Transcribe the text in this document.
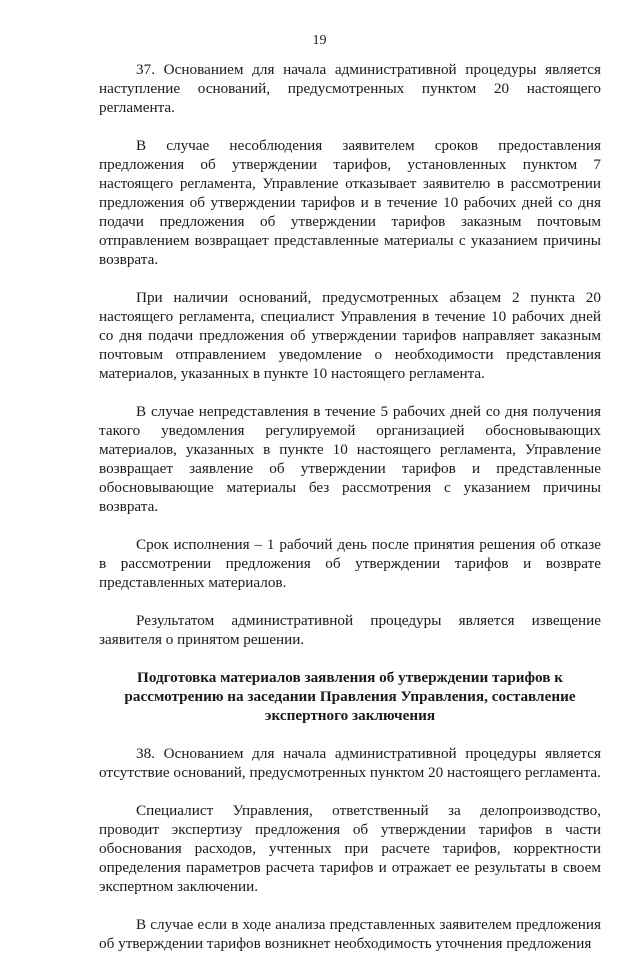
19

37. Основанием для начала административной процедуры является наступление оснований, предусмотренных пунктом 20 настоящего регламента.

В случае несоблюдения заявителем сроков предоставления предложения об утверждении тарифов, установленных пунктом 7 настоящего регламента, Управление отказывает заявителю в рассмотрении предложения об утверждении тарифов и в течение 10 рабочих дней со дня подачи предложения об утверждении тарифов заказным почтовым отправлением возвращает представленные материалы с указанием причины возврата.

При наличии оснований, предусмотренных абзацем 2 пункта 20 настоящего регламента, специалист Управления в течение 10 рабочих дней со дня подачи предложения об утверждении тарифов направляет заказным почтовым отправлением уведомление о необходимости представления материалов, указанных в пункте 10 настоящего регламента.

В случае непредставления в течение 5 рабочих дней со дня получения такого уведомления регулируемой организацией обосновывающих материалов, указанных в пункте 10 настоящего регламента, Управление возвращает заявление об утверждении тарифов и представленные обосновывающие материалы без рассмотрения с указанием причины возврата.

Срок исполнения – 1 рабочий день после принятия решения об отказе в рассмотрении предложения об утверждении тарифов и возврате представленных материалов.

Результатом административной процедуры является извещение заявителя о принятом решении.

Подготовка материалов заявления об утверждении тарифов к рассмотрению на заседании Правления Управления, составление экспертного заключения

38. Основанием для начала административной процедуры является отсутствие оснований, предусмотренных пунктом 20 настоящего регламента.

Специалист Управления, ответственный за делопроизводство, проводит экспертизу предложения об утверждении тарифов в части обоснования расходов, учтенных при расчете тарифов, корректности определения параметров расчета тарифов и отражает ее результаты в своем экспертном заключении.

В случае если в ходе анализа представленных заявителем предложения об утверждении тарифов возникнет необходимость уточнения предложения
